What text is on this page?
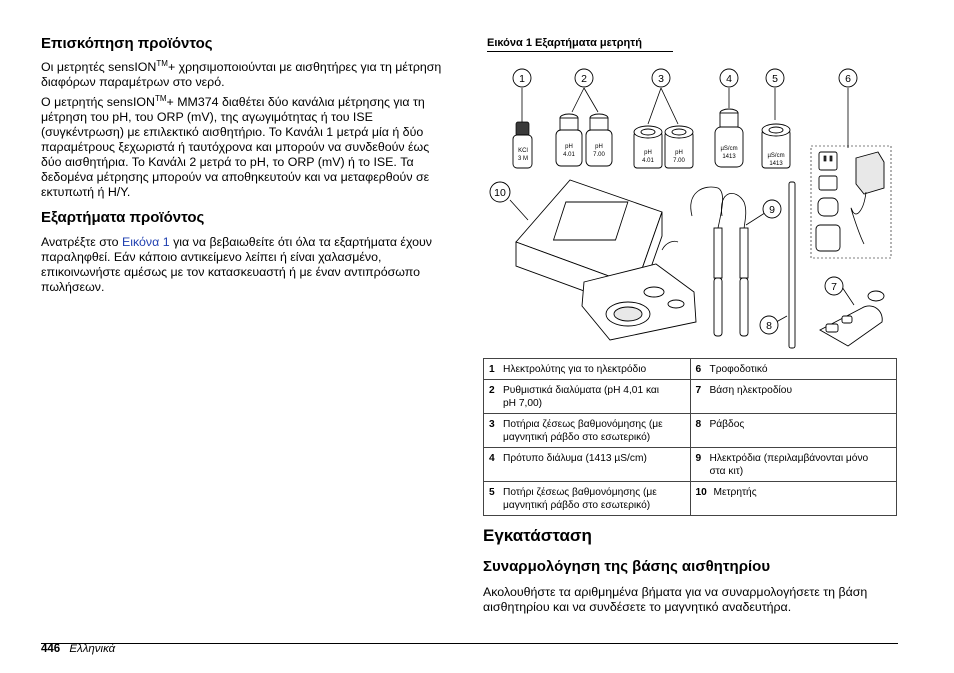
Επισκόπηση προϊόντος

Οι μετρητές sensION™+ χρησιμοποιούνται με αισθητήρες για τη μέτρηση
διαφόρων παραμέτρων στο νερό.

Ο μετρητής sensION™+ MM374 διαθέτει δύο κανάλια μέτρησης για τη
μέτρηση του pH, του ORP (mV), της αγωγιμότητας ή του ISE
(συγκέντρωση) με επιλεκτικό αισθητήριο. Το Κανάλι 1 μετρά μία ή δύο
παραμέτρους ξεχωριστά ή ταυτόχρονα και μπορούν να συνδεθούν έως
δύο αισθητήρια. Το Κανάλι 2 μετρά το pH, το ORP (mV) ή το ISE. Τα
δεδομένα μέτρησης μπορούν να αποθηκευτούν και να μεταφερθούν σε
εκτυπωτή ή Η/Υ.

Εξαρτήματα προϊόντος

Ανατρέξτε στο Εικόνα 1 για να βεβαιωθείτε ότι όλα τα εξαρτήματα έχουν
παραληφθεί. Εάν κάποιο αντικείμενο λείπει ή είναι χαλασμένο,
επικοινωνήστε αμέσως με τον κατασκευαστή ή με έναν αντιπρόσωπο
πωλήσεων.

Εικόνα 1 Εξαρτήματα μετρητή
KCl
3 M
pH
4.01
pH
7.00	pH
4.01
pH
7.00
µS/cm
1413	µS/cm
1413
1	2	3	4	5	6
7
8
9
10
1 Ηλεκτρολύτης για το ηλεκτρόδιο	6 Τροφοδοτικό
2 Ρυθμιστικά διαλύματα (pH 4,01 και
pH 7,00)	7 Βάση ηλεκτροδίου
3 Ποτήρια ζέσεως βαθμονόμησης (με
μαγνητική ράβδο στο εσωτερικό)	8 Ράβδος
4 Πρότυπο διάλυμα (1413 µS/cm)	9 Ηλεκτρόδια (περιλαμβάνονται μόνο
στα κιτ)
5 Ποτήρι ζέσεως βαθμονόμησης (με
μαγνητική ράβδο στο εσωτερικό)	10 Μετρητής
Εγκατάσταση
Συναρμολόγηση της βάσης αισθητηρίου

Ακολουθήστε τα αριθμημένα βήματα για να συναρμολογήσετε τη βάση
αισθητηρίου και να συνδέσετε το μαγνητικό αναδευτήρα.

446 Ελληνικά
